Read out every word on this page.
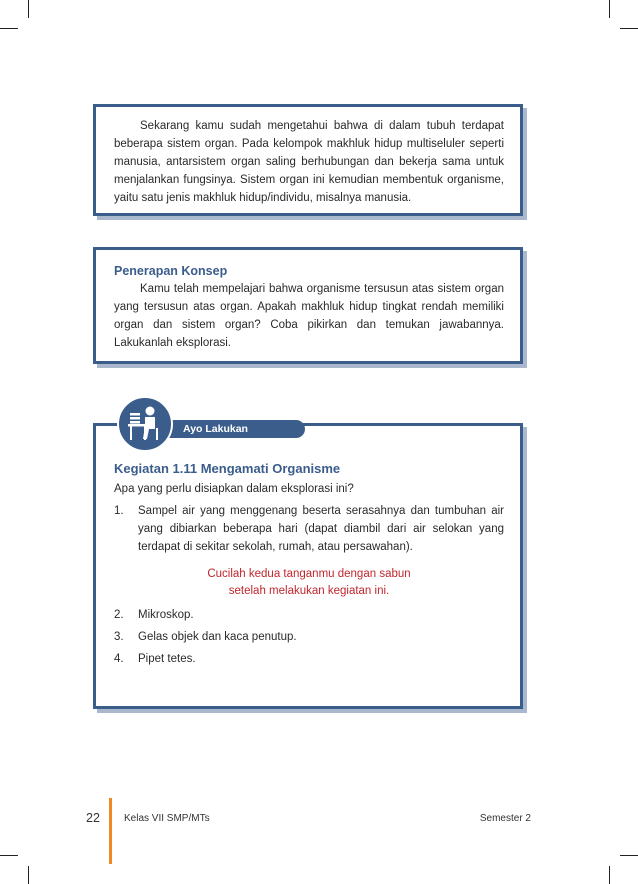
Sekarang kamu sudah mengetahui bahwa di dalam tubuh terdapat beberapa sistem organ. Pada kelompok makhluk hidup multiseluler seperti manusia, antarsistem organ saling berhubungan dan bekerja sama untuk menjalankan fungsinya. Sistem organ ini kemudian membentuk organisme, yaitu satu jenis makhluk hidup/individu, misalnya manusia.

Penerapan Konsep

Kamu telah mempelajari bahwa organisme tersusun atas sistem organ yang tersusun atas organ. Apakah makhluk hidup tingkat rendah memiliki organ dan sistem organ? Coba pikirkan dan temukan jawabannya. Lakukanlah eksplorasi.

Kegiatan 1.11 Mengamati Organisme

Apa yang perlu disiapkan dalam eksplorasi ini?

1. Sampel air yang menggenang beserta serasahnya dan tumbuhan air yang dibiarkan beberapa hari (dapat diambil dari air selokan yang terdapat di sekitar sekolah, rumah, atau persawahan).
Cucilah kedua tanganmu dengan sabun
setelah melakukan kegiatan ini.
2. Mikroskop.
3. Gelas objek dan kaca penutup.
4. Pipet tetes.
Ayo Lakukan
22 Kelas VII SMP/MTs	Semester 2
